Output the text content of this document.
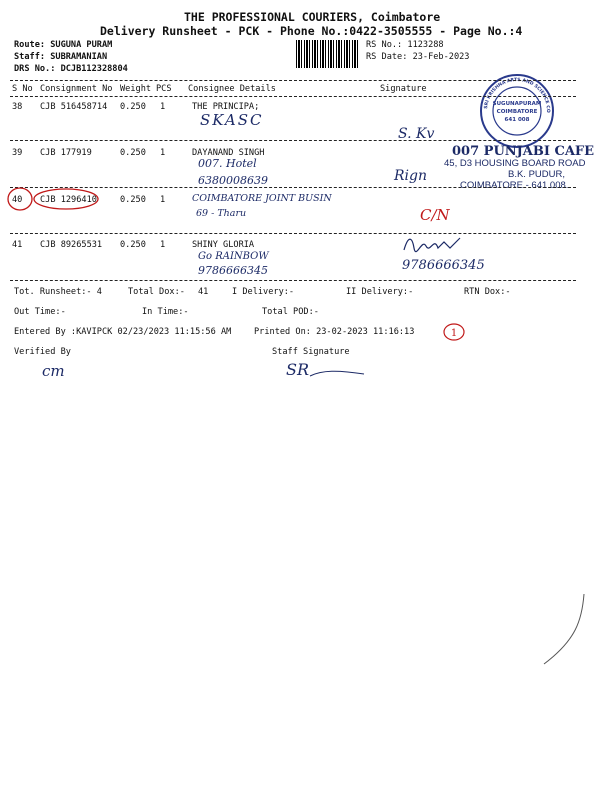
THE PROFESSIONAL COURIERS, Coimbatore
Delivery Runsheet - PCK - Phone No.:0422-3505555 - Page No.:4
Route: SUGUNA PURAM
Staff: SUBRAMANIAN
DRS No.: DCJB112328804
RS No.: 1123288
RS Date: 23-Feb-2023
SUGUNAPURAM
COIMBATORE
641 008
SRI KRISHNA ARTS AND SCIENCE CO
S No Consignment No Weight PCS Consignee Details	Signature
38 CJB 516458714 0.250 1	THE PRINCIPA;
SKASC
S. Kv
007 PUNJABI CAFE
45, D3 HOUSING BOARD ROAD
B.K. PUDUR,
COIMBATORE - 641 008.
39 CJB 177919	0.250 1	DAYANAND SINGH
007. Hotel
6380008639	Rign
40 CJB 1296410	0.250 1	COIMBATORE JOINT BUSIN
69 - Tharu	C/N
41 CJB 89265531 0.250 1	SHINY GLORIA
Go RAINBOW
9786666345	9786666345
Tot. Runsheet:- 4	Total Dox:- 41	I Delivery:-	II Delivery:-	RTN Dox:-
Out Time:-	In Time:-	Total POD:-
Entered By :KAVIPCK 02/23/2023 11:15:56 AM	Printed On: 23-02-2023 11:16:13	1
Verified By	Staff Signature
cm	SR
